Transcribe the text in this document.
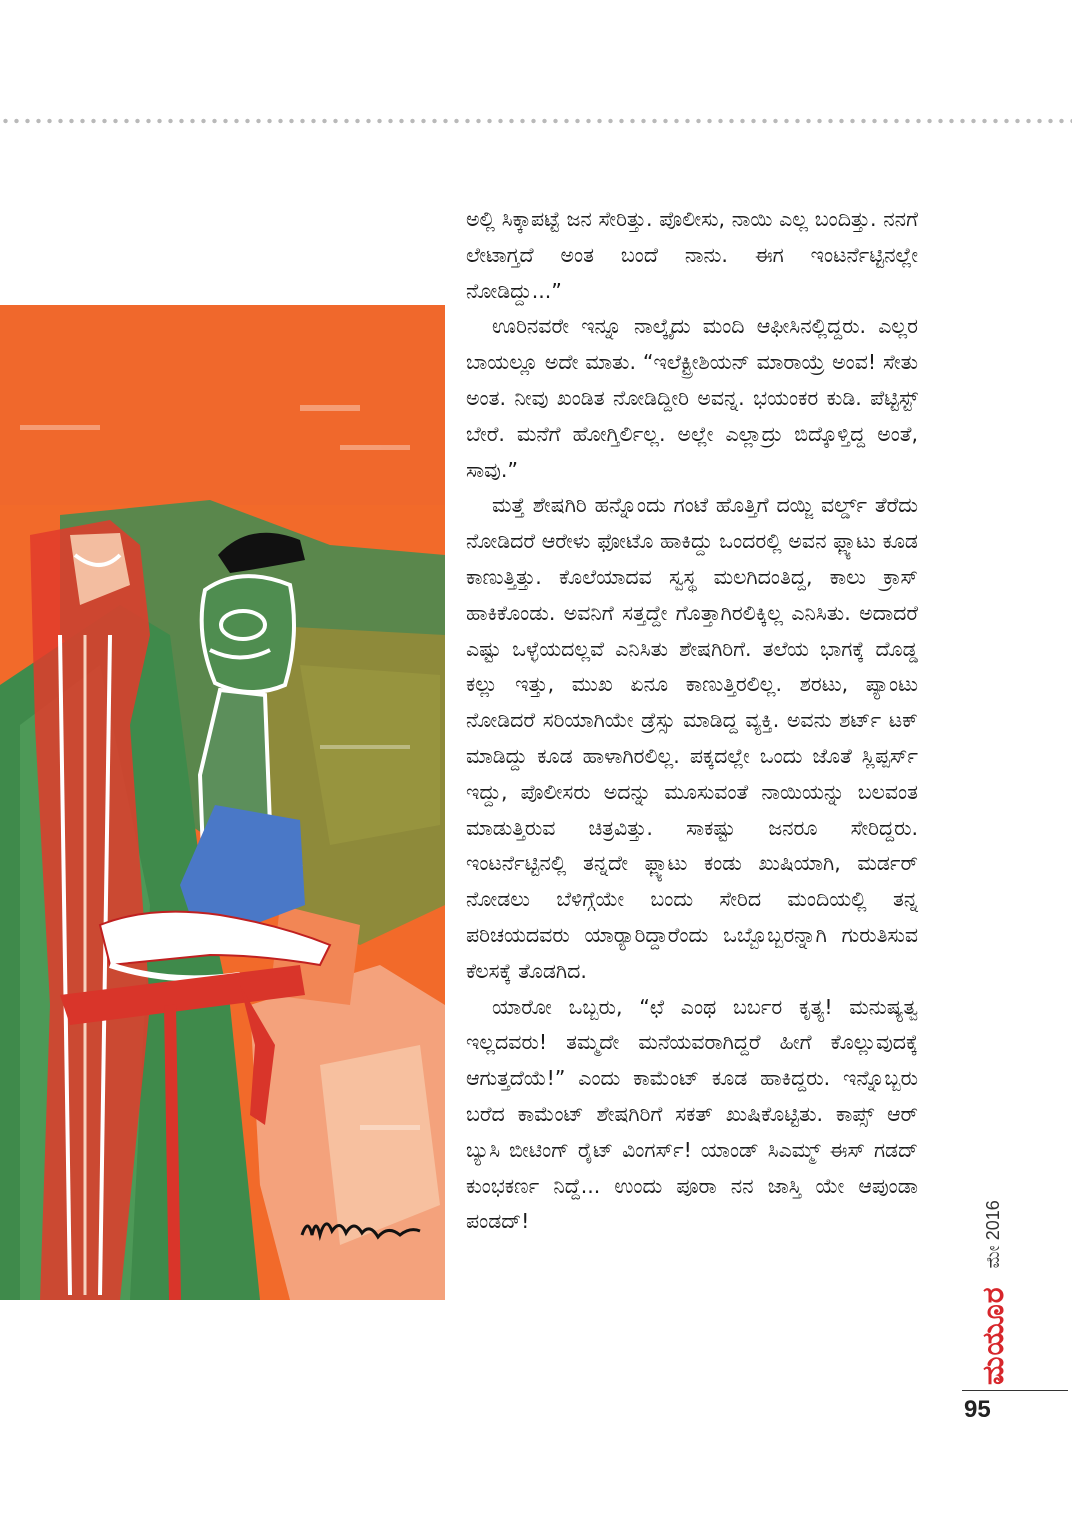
ಅಲ್ಲಿ ಸಿಕ್ಕಾಪಟ್ಟೆ ಜನ ಸೇರಿತ್ತು. ಪೊಲೀಸು, ನಾಯಿ ಎಲ್ಲ ಬಂದಿತ್ತು. ನನಗೆ ಲೇಟಾಗ್ತದೆ ಅಂತ ಬಂದೆ ನಾನು. ಈಗ ಇಂಟರ್ನೆಟ್ಟಿನಲ್ಲೇ ನೋಡಿದ್ದು...”

ಊರಿನವರೇ ಇನ್ನೂ ನಾಲ್ಕೈದು ಮಂದಿ ಆಫೀಸಿನಲ್ಲಿದ್ದರು. ಎಲ್ಲರ ಬಾಯಲ್ಲೂ ಅದೇ ಮಾತು. “ಇಲೆಕ್ಟ್ರೀಶಿಯನ್ ಮಾರಾಯ್ರೆ ಅಂವ! ಸೇತು ಅಂತ. ನೀವು ಖಂಡಿತ ನೋಡಿದ್ದೀರಿ ಅವನ್ನ. ಭಯಂಕರ ಕುಡಿ. ಪೆಟ್ಟಿಸ್ಟ್ ಬೇರೆ. ಮನೆಗೆ ಹೋಗ್ತಿರ್ಲಿಲ್ಲ. ಅಲ್ಲೇ ಎಲ್ಲಾದ್ರು ಬಿದ್ಕೊಳ್ತಿದ್ದ ಅಂತೆ, ಸಾವು.”

ಮತ್ತೆ ಶೇಷಗಿರಿ ಹನ್ನೊಂದು ಗಂಟೆ ಹೊತ್ತಿಗೆ ದಯ್ಜಿ ವರ್ಲ್ಡ್ ತೆರೆದು ನೋಡಿದರೆ ಆರೇಳು ಫೋಟೊ ಹಾಕಿದ್ದು ಒಂದರಲ್ಲಿ ಅವನ ಫ್ಲ್ಯಾಟು ಕೂಡ ಕಾಣುತ್ತಿತ್ತು. ಕೊಲೆಯಾದವ ಸ್ವಸ್ಥ ಮಲಗಿದಂತಿದ್ದ, ಕಾಲು ಕ್ರಾಸ್ ಹಾಕಿಕೊಂಡು. ಅವನಿಗೆ ಸತ್ತದ್ದೇ ಗೊತ್ತಾಗಿರಲಿಕ್ಕಿಲ್ಲ ಎನಿಸಿತು. ಅದಾದರೆ ಎಷ್ಟು ಒಳ್ಳೆಯದಲ್ಲವೆ ಎನಿಸಿತು ಶೇಷಗಿರಿಗೆ. ತಲೆಯ ಭಾಗಕ್ಕೆ ದೊಡ್ಡ ಕಲ್ಲು ಇತ್ತು, ಮುಖ ಏನೂ ಕಾಣುತ್ತಿರಲಿಲ್ಲ. ಶರಟು, ಪ್ಯಾಂಟು ನೋಡಿದರೆ ಸರಿಯಾಗಿಯೇ ಡ್ರೆಸ್ಸು ಮಾಡಿದ್ದ ವ್ಯಕ್ತಿ. ಅವನು ಶರ್ಟ್ ಟಕ್ ಮಾಡಿದ್ದು ಕೂಡ ಹಾಳಾಗಿರಲಿಲ್ಲ. ಪಕ್ಕದಲ್ಲೇ ಒಂದು ಜೊತೆ ಸ್ಲಿಪ್ಪರ್ಸ್ ಇದ್ದು, ಪೊಲೀಸರು ಅದನ್ನು ಮೂಸುವಂತೆ ನಾಯಿಯನ್ನು ಬಲವಂತ ಮಾಡುತ್ತಿರುವ ಚಿತ್ರವಿತ್ತು. ಸಾಕಷ್ಟು ಜನರೂ ಸೇರಿದ್ದರು. ಇಂಟರ್ನೆಟ್ಟಿನಲ್ಲಿ ತನ್ನದೇ ಫ್ಲ್ಯಾಟು ಕಂಡು ಖುಷಿಯಾಗಿ, ಮರ್ಡರ್ ನೋಡಲು ಬೆಳಿಗ್ಗೆಯೇ ಬಂದು ಸೇರಿದ ಮಂದಿಯಲ್ಲಿ ತನ್ನ ಪರಿಚಯದವರು ಯಾರ್‍ಯಾರಿದ್ದಾರೆಂದು ಒಬ್ಬೊಬ್ಬರನ್ನಾಗಿ ಗುರುತಿಸುವ ಕೆಲಸಕ್ಕೆ ತೊಡಗಿದ.

ಯಾರೋ ಒಬ್ಬರು, “ಛೆ ಎಂಥ ಬರ್ಬರ ಕೃತ್ಯ! ಮನುಷ್ಯತ್ವ ಇಲ್ಲದವರು! ತಮ್ಮದೇ ಮನೆಯವರಾಗಿದ್ದರೆ ಹೀಗೆ ಕೊಲ್ಲುವುದಕ್ಕೆ ಆಗುತ್ತದೆಯೆ!” ಎಂದು ಕಾಮೆಂಟ್ ಕೂಡ ಹಾಕಿದ್ದರು. ಇನ್ನೊಬ್ಬರು ಬರೆದ ಕಾಮೆಂಟ್ ಶೇಷಗಿರಿಗೆ ಸಕತ್ ಖುಷಿಕೊಟ್ಟಿತು. ಕಾಪ್ಸ್ ಆರ್ ಬ್ಯುಸಿ ಬೀಟಿಂಗ್ ರೈಟ್ ವಿಂಗರ್ಸ್! ಯಾಂಡ್ ಸಿಎಮ್ಮ್ ಈಸ್ ಗಡದ್ ಕುಂಭಕರ್ಣ ನಿದ್ದೆ... ಉಂದು ಪೂರಾ ನನ ಜಾಸ್ತಿ ಯೇ ಆಪುಂಡಾ ಪಂಡದ್!

ಮಯೂರ
ಮೇ 2016
95
